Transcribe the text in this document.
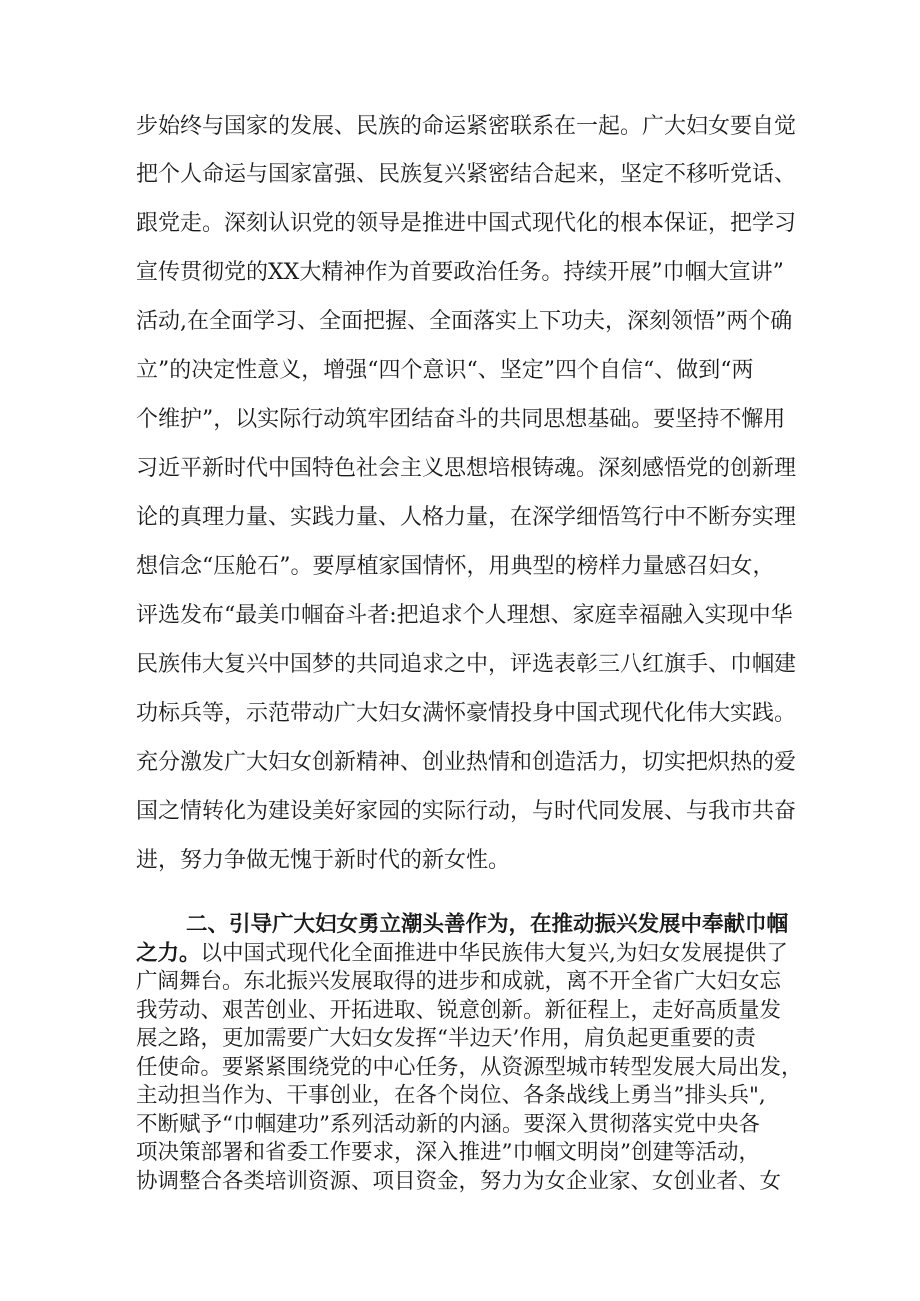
步始终与国家的发展、民族的命运紧密联系在一起。广大妇女要自觉
把个人命运与国家富强、民族复兴紧密结合起来，坚定不移听党话、
跟党走。深刻认识党的领导是推进中国式现代化的根本保证，把学习
宣传贯彻党的XX大精神作为首要政治任务。持续开展”巾帼大宣讲”
活动,在全面学习、全面把握、全面落实上下功夫，深刻领悟”两个确
立”的决定性意义，增强“四个意识“、坚定”四个自信“、做到“两
个维护”，以实际行动筑牢团结奋斗的共同思想基础。要坚持不懈用
习近平新时代中国特色社会主义思想培根铸魂。深刻感悟党的创新理
论的真理力量、实践力量、人格力量，在深学细悟笃行中不断夯实理
想信念“压舱石”。要厚植家国情怀，用典型的榜样力量感召妇女，
评选发布“最美巾帼奋斗者:把追求个人理想、家庭幸福融入实现中华
民族伟大复兴中国梦的共同追求之中，评选表彰三八红旗手、巾帼建
功标兵等，示范带动广大妇女满怀豪情投身中国式现代化伟大实践。
充分激发广大妇女创新精神、创业热情和创造活力，切实把炽热的爱
国之情转化为建设美好家园的实际行动，与时代同发展、与我市共奋
进，努力争做无愧于新时代的新女性。
二、引导广大妇女勇立潮头善作为，在推动振兴发展中奉献巾帼
之力。以中国式现代化全面推进中华民族伟大复兴,为妇女发展提供了
广阔舞台。东北振兴发展取得的进步和成就，离不开全省广大妇女忘
我劳动、艰苦创业、开拓进取、锐意创新。新征程上，走好高质量发
展之路，更加需要广大妇女发挥“半边天’作用，肩负起更重要的责
任使命。要紧紧围绕党的中心任务，从资源型城市转型发展大局出发，
主动担当作为、干事创业，在各个岗位、各条战线上勇当”排头兵",
不断赋予“巾帼建功”系列活动新的内涵。要深入贯彻落实党中央各
项决策部署和省委工作要求，深入推进”巾帼文明岗”创建等活动，
协调整合各类培训资源、项目资金，努力为女企业家、女创业者、女
